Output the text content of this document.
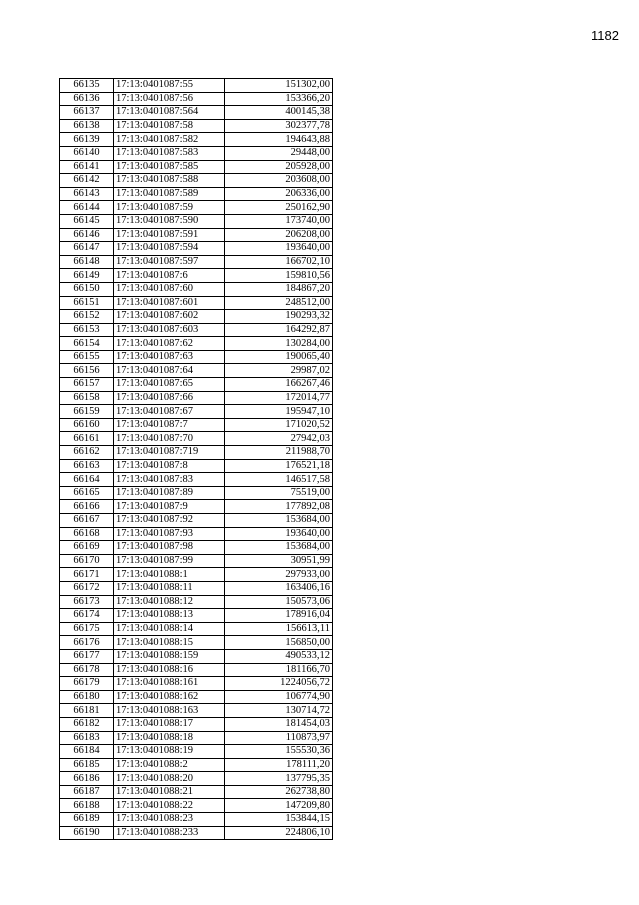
1182
66135	17:13:0401087:55	151302,00
66136	17:13:0401087:56	153366,20
66137	17:13:0401087:564	400145,38
66138	17:13:0401087:58	302377,78
66139	17:13:0401087:582	194643,88
66140	17:13:0401087:583	29448,00
66141	17:13:0401087:585	205928,00
66142	17:13:0401087:588	203608,00
66143	17:13:0401087:589	206336,00
66144	17:13:0401087:59	250162,90
66145	17:13:0401087:590	173740,00
66146	17:13:0401087:591	206208,00
66147	17:13:0401087:594	193640,00
66148	17:13:0401087:597	166702,10
66149	17:13:0401087:6	159810,56
66150	17:13:0401087:60	184867,20
66151	17:13:0401087:601	248512,00
66152	17:13:0401087:602	190293,32
66153	17:13:0401087:603	164292,87
66154	17:13:0401087:62	130284,00
66155	17:13:0401087:63	190065,40
66156	17:13:0401087:64	29987,02
66157	17:13:0401087:65	166267,46
66158	17:13:0401087:66	172014,77
66159	17:13:0401087:67	195947,10
66160	17:13:0401087:7	171020,52
66161	17:13:0401087:70	27942,03
66162	17:13:0401087:719	211988,70
66163	17:13:0401087:8	176521,18
66164	17:13:0401087:83	146517,58
66165	17:13:0401087:89	75519,00
66166	17:13:0401087:9	177892,08
66167	17:13:0401087:92	153684,00
66168	17:13:0401087:93	193640,00
66169	17:13:0401087:98	153684,00
66170	17:13:0401087:99	30951,99
66171	17:13:0401088:1	297933,00
66172	17:13:0401088:11	163406,16
66173	17:13:0401088:12	150573,06
66174	17:13:0401088:13	178916,04
66175	17:13:0401088:14	156613,11
66176	17:13:0401088:15	156850,00
66177	17:13:0401088:159	490533,12
66178	17:13:0401088:16	181166,70
66179	17:13:0401088:161	1224056,72
66180	17:13:0401088:162	106774,90
66181	17:13:0401088:163	130714,72
66182	17:13:0401088:17	181454,03
66183	17:13:0401088:18	110873,97
66184	17:13:0401088:19	155530,36
66185	17:13:0401088:2	178111,20
66186	17:13:0401088:20	137795,35
66187	17:13:0401088:21	262738,80
66188	17:13:0401088:22	147209,80
66189	17:13:0401088:23	153844,15
66190	17:13:0401088:233	224806,10
